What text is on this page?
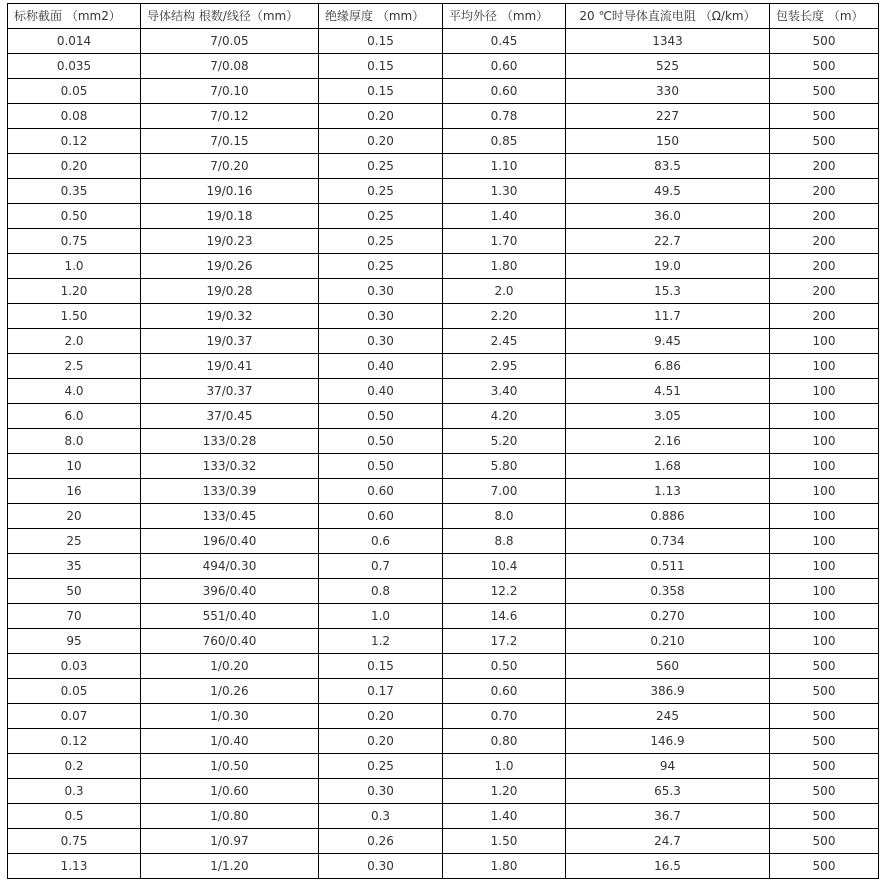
标称截面 （mm2）	导体结构 根数/线径（mm）	绝缘厚度 （mm）	平均外径 （mm）	20 ℃时导体直流电阻 （Ω/km）	包装长度 （m）
0.014	7/0.05	0.15	0.45	1343	500
0.035	7/0.08	0.15	0.60	525	500
0.05	7/0.10	0.15	0.60	330	500
0.08	7/0.12	0.20	0.78	227	500
0.12	7/0.15	0.20	0.85	150	500
0.20	7/0.20	0.25	1.10	83.5	200
0.35	19/0.16	0.25	1.30	49.5	200
0.50	19/0.18	0.25	1.40	36.0	200
0.75	19/0.23	0.25	1.70	22.7	200
1.0	19/0.26	0.25	1.80	19.0	200
1.20	19/0.28	0.30	2.0	15.3	200
1.50	19/0.32	0.30	2.20	11.7	200
2.0	19/0.37	0.30	2.45	9.45	100
2.5	19/0.41	0.40	2.95	6.86	100
4.0	37/0.37	0.40	3.40	4.51	100
6.0	37/0.45	0.50	4.20	3.05	100
8.0	133/0.28	0.50	5.20	2.16	100
10	133/0.32	0.50	5.80	1.68	100
16	133/0.39	0.60	7.00	1.13	100
20	133/0.45	0.60	8.0	0.886	100
25	196/0.40	0.6	8.8	0.734	100
35	494/0.30	0.7	10.4	0.511	100
50	396/0.40	0.8	12.2	0.358	100
70	551/0.40	1.0	14.6	0.270	100
95	760/0.40	1.2	17.2	0.210	100
0.03	1/0.20	0.15	0.50	560	500
0.05	1/0.26	0.17	0.60	386.9	500
0.07	1/0.30	0.20	0.70	245	500
0.12	1/0.40	0.20	0.80	146.9	500
0.2	1/0.50	0.25	1.0	94	500
0.3	1/0.60	0.30	1.20	65.3	500
0.5	1/0.80	0.3	1.40	36.7	500
0.75	1/0.97	0.26	1.50	24.7	500
1.13	1/1.20	0.30	1.80	16.5	500
